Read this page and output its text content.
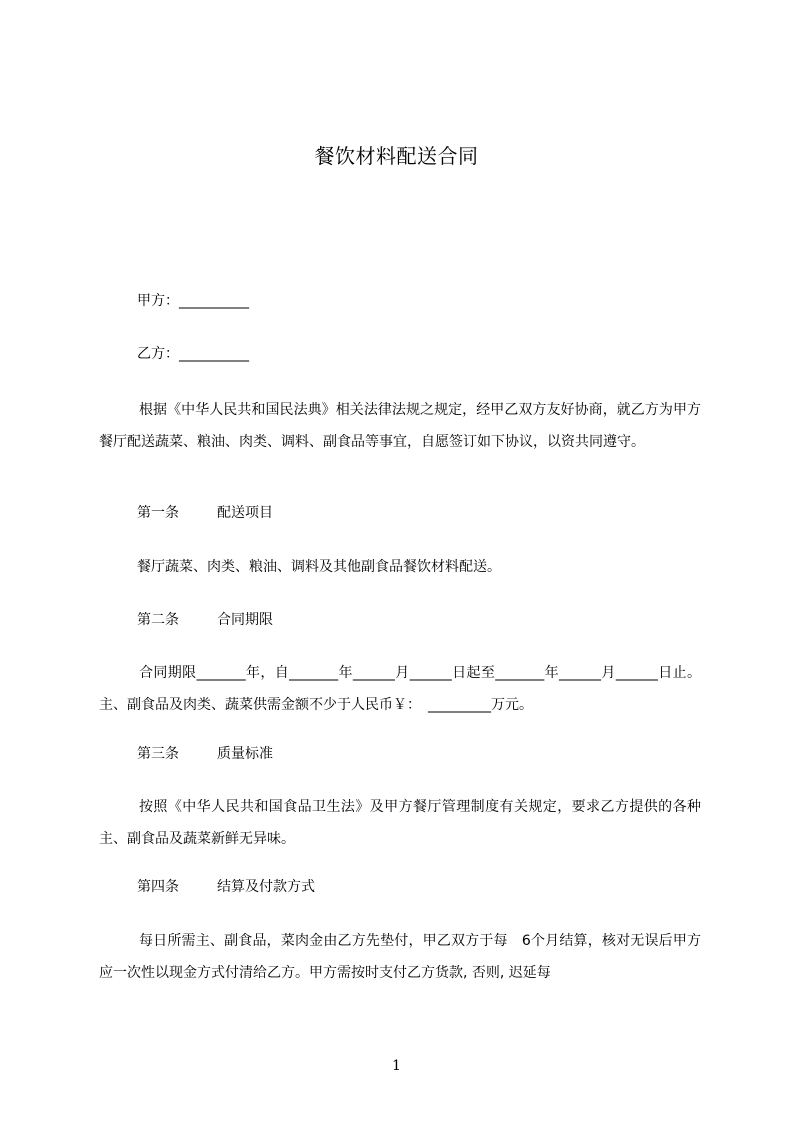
餐饮材料配送合同
甲方：__________
乙方：__________
根据《中华人民共和国民法典》相关法律法规之规定，经甲乙双方友好协商，就乙方为甲方餐厅配送蔬菜、粮油、肉类、调料、副食品等事宜，自愿签订如下协议，以资共同遵守。
第一条	配送项目
餐厅蔬菜、肉类、粮油、调料及其他副食品餐饮材料配送。
第二条	合同期限
合同期限_______年，自_______年______月______日起至_______年______月______日止。主、副食品及肉类、蔬菜供需金额不少于人民币￥：　_________万元。
第三条	质量标准
按照《中华人民共和国食品卫生法》及甲方餐厅管理制度有关规定，要求乙方提供的各种主、副食品及蔬菜新鲜无异味。
第四条	结算及付款方式
每日所需主、副食品，菜肉金由乙方先垫付，甲乙双方于每　6个月结算，核对无误后甲方应一次性以现金方式付清给乙方。甲方需按时支付乙方货款, 否则, 迟延每
1
